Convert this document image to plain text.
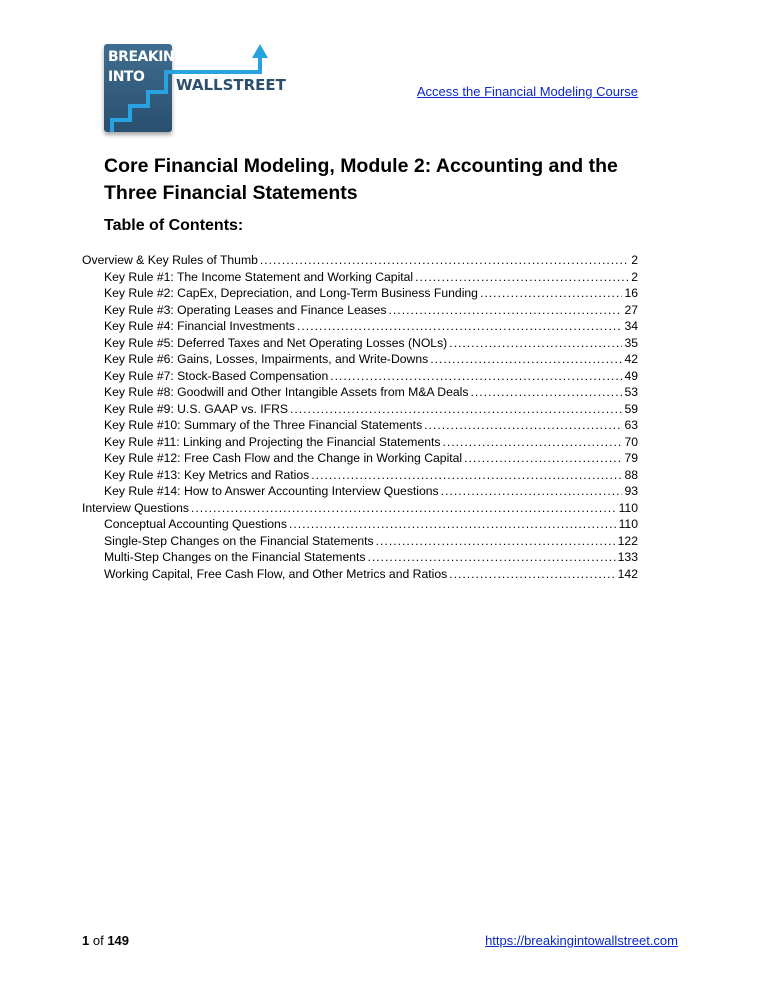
BREAKING
INTO WALLSTREET	Access the Financial Modeling Course
Core Financial Modeling, Module 2: Accounting and the Three Financial Statements
Table of Contents:
Overview & Key Rules of Thumb .....	2
Key Rule #1: The Income Statement and Working Capital .....	2
Key Rule #2: CapEx, Depreciation, and Long-Term Business Funding .....	16
Key Rule #3: Operating Leases and Finance Leases .....	27
Key Rule #4: Financial Investments .....	34
Key Rule #5: Deferred Taxes and Net Operating Losses (NOLs) .....	35
Key Rule #6: Gains, Losses, Impairments, and Write-Downs .....	42
Key Rule #7: Stock-Based Compensation .....	49
Key Rule #8: Goodwill and Other Intangible Assets from M&A Deals .....	53
Key Rule #9: U.S. GAAP vs. IFRS .....	59
Key Rule #10: Summary of the Three Financial Statements .....	63
Key Rule #11: Linking and Projecting the Financial Statements .....	70
Key Rule #12: Free Cash Flow and the Change in Working Capital .....	79
Key Rule #13: Key Metrics and Ratios .....	88
Key Rule #14: How to Answer Accounting Interview Questions .....	93
Interview Questions .....	110
Conceptual Accounting Questions .....	110
Single-Step Changes on the Financial Statements .....	122
Multi-Step Changes on the Financial Statements .....	133
Working Capital, Free Cash Flow, and Other Metrics and Ratios .....	142
1 of 149	https://breakingintowallstreet.com
